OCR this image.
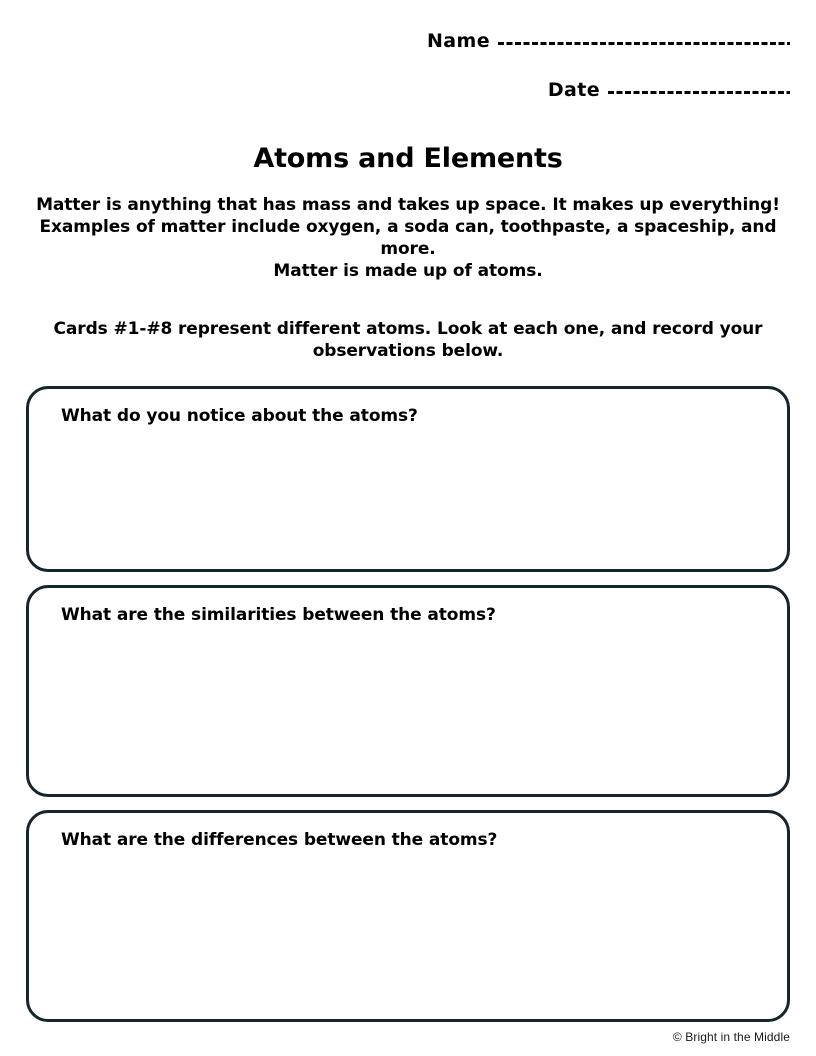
Name
Date
Atoms and Elements
Matter is anything that has mass and takes up space. It makes up everything! Examples of matter include oxygen, a soda can, toothpaste, a spaceship, and more.
Matter is made up of atoms.
Cards #1-#8 represent different atoms. Look at each one, and record your observations below.
What do you notice about the atoms?
What are the similarities between the atoms?
What are the differences between the atoms?
© Bright in the Middle
